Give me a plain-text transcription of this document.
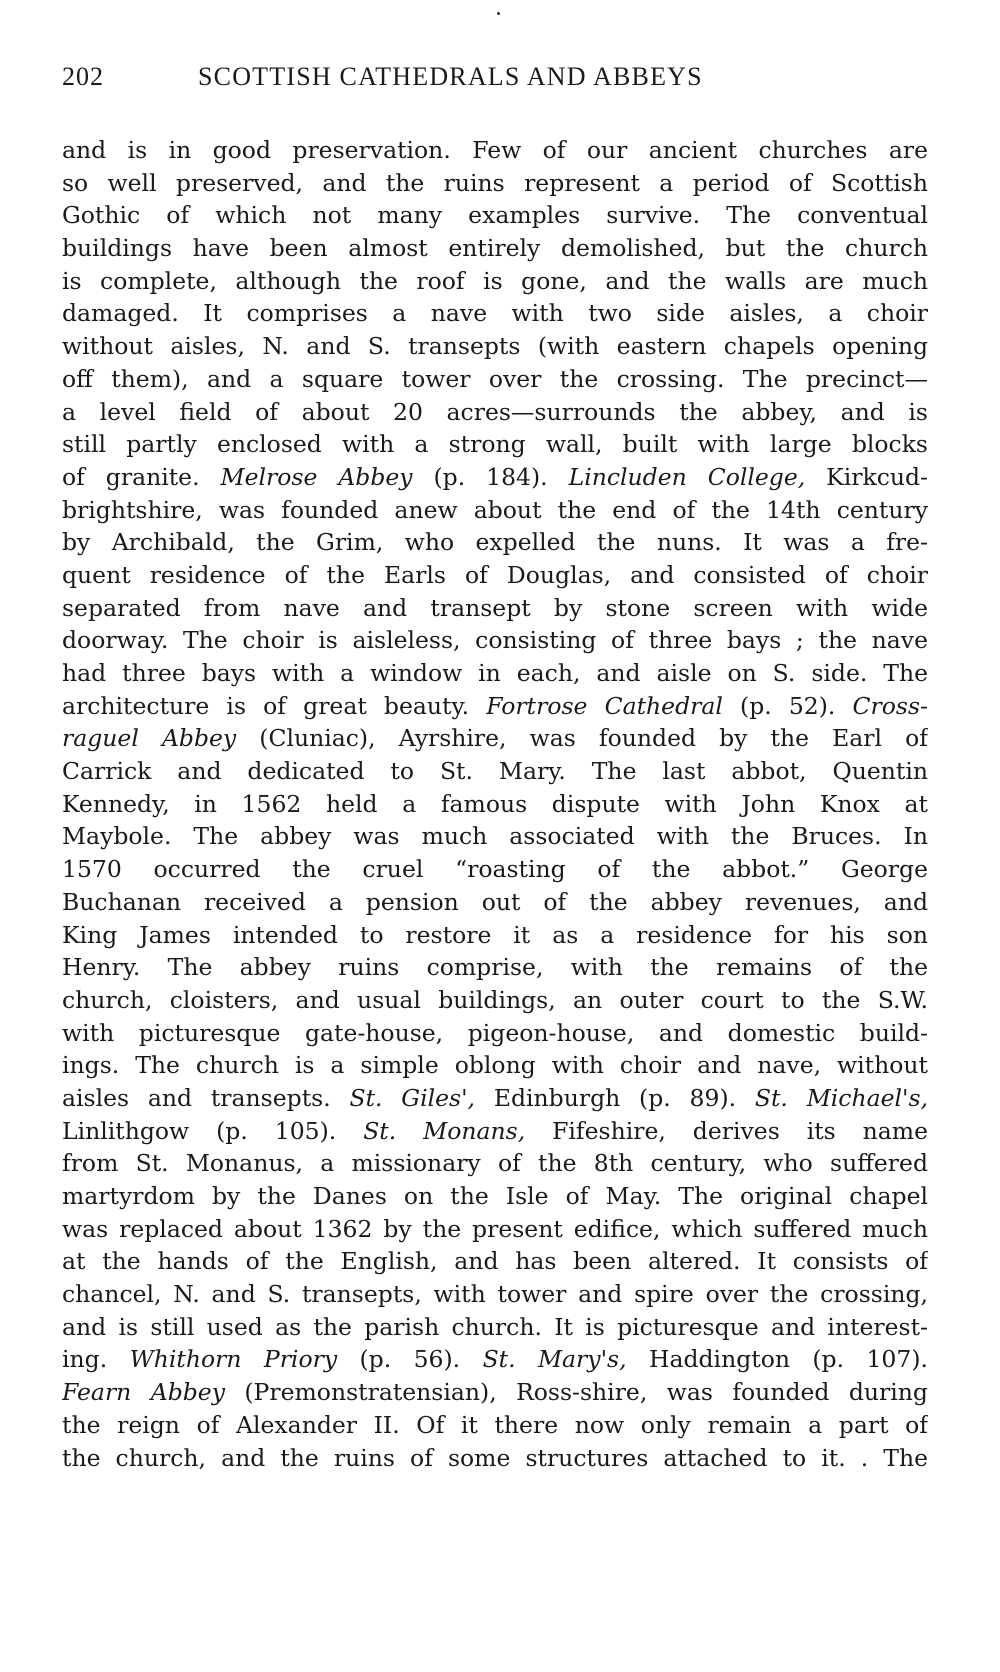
202	SCOTTISH CATHEDRALS AND ABBEYS
and is in good preservation. Few of our ancient churches are
so well preserved, and the ruins represent a period of Scottish
Gothic of which not many examples survive. The conventual
buildings have been almost entirely demolished, but the church
is complete, although the roof is gone, and the walls are much
damaged. It comprises a nave with two side aisles, a choir
without aisles, N. and S. transepts (with eastern chapels opening
off them), and a square tower over the crossing. The precinct—
a level field of about 20 acres—surrounds the abbey, and is
still partly enclosed with a strong wall, built with large blocks
of granite. Melrose Abbey (p. 184). Lincluden College, Kirkcud-
brightshire, was founded anew about the end of the 14th century
by Archibald, the Grim, who expelled the nuns. It was a fre-
quent residence of the Earls of Douglas, and consisted of choir
separated from nave and transept by stone screen with wide
doorway. The choir is aisleless, consisting of three bays ; the nave
had three bays with a window in each, and aisle on S. side. The
architecture is of great beauty. Fortrose Cathedral (p. 52). Cross-
raguel Abbey (Cluniac), Ayrshire, was founded by the Earl of
Carrick and dedicated to St. Mary. The last abbot, Quentin
Kennedy, in 1562 held a famous dispute with John Knox at
Maybole. The abbey was much associated with the Bruces. In
1570 occurred the cruel “roasting of the abbot.” George
Buchanan received a pension out of the abbey revenues, and
King James intended to restore it as a residence for his son
Henry. The abbey ruins comprise, with the remains of the
church, cloisters, and usual buildings, an outer court to the S.W.
with picturesque gate-house, pigeon-house, and domestic build-
ings. The church is a simple oblong with choir and nave, without
aisles and transepts. St. Giles', Edinburgh (p. 89). St. Michael's,
Linlithgow (p. 105). St. Monans, Fifeshire, derives its name
from St. Monanus, a missionary of the 8th century, who suffered
martyrdom by the Danes on the Isle of May. The original chapel
was replaced about 1362 by the present edifice, which suffered much
at the hands of the English, and has been altered. It consists of
chancel, N. and S. transepts, with tower and spire over the crossing,
and is still used as the parish church. It is picturesque and interest-
ing. Whithorn Priory (p. 56). St. Mary's, Haddington (p. 107).
Fearn Abbey (Premonstratensian), Ross-shire, was founded during
the reign of Alexander II. Of it there now only remain a part of
the church, and the ruins of some structures attached to it. . The
